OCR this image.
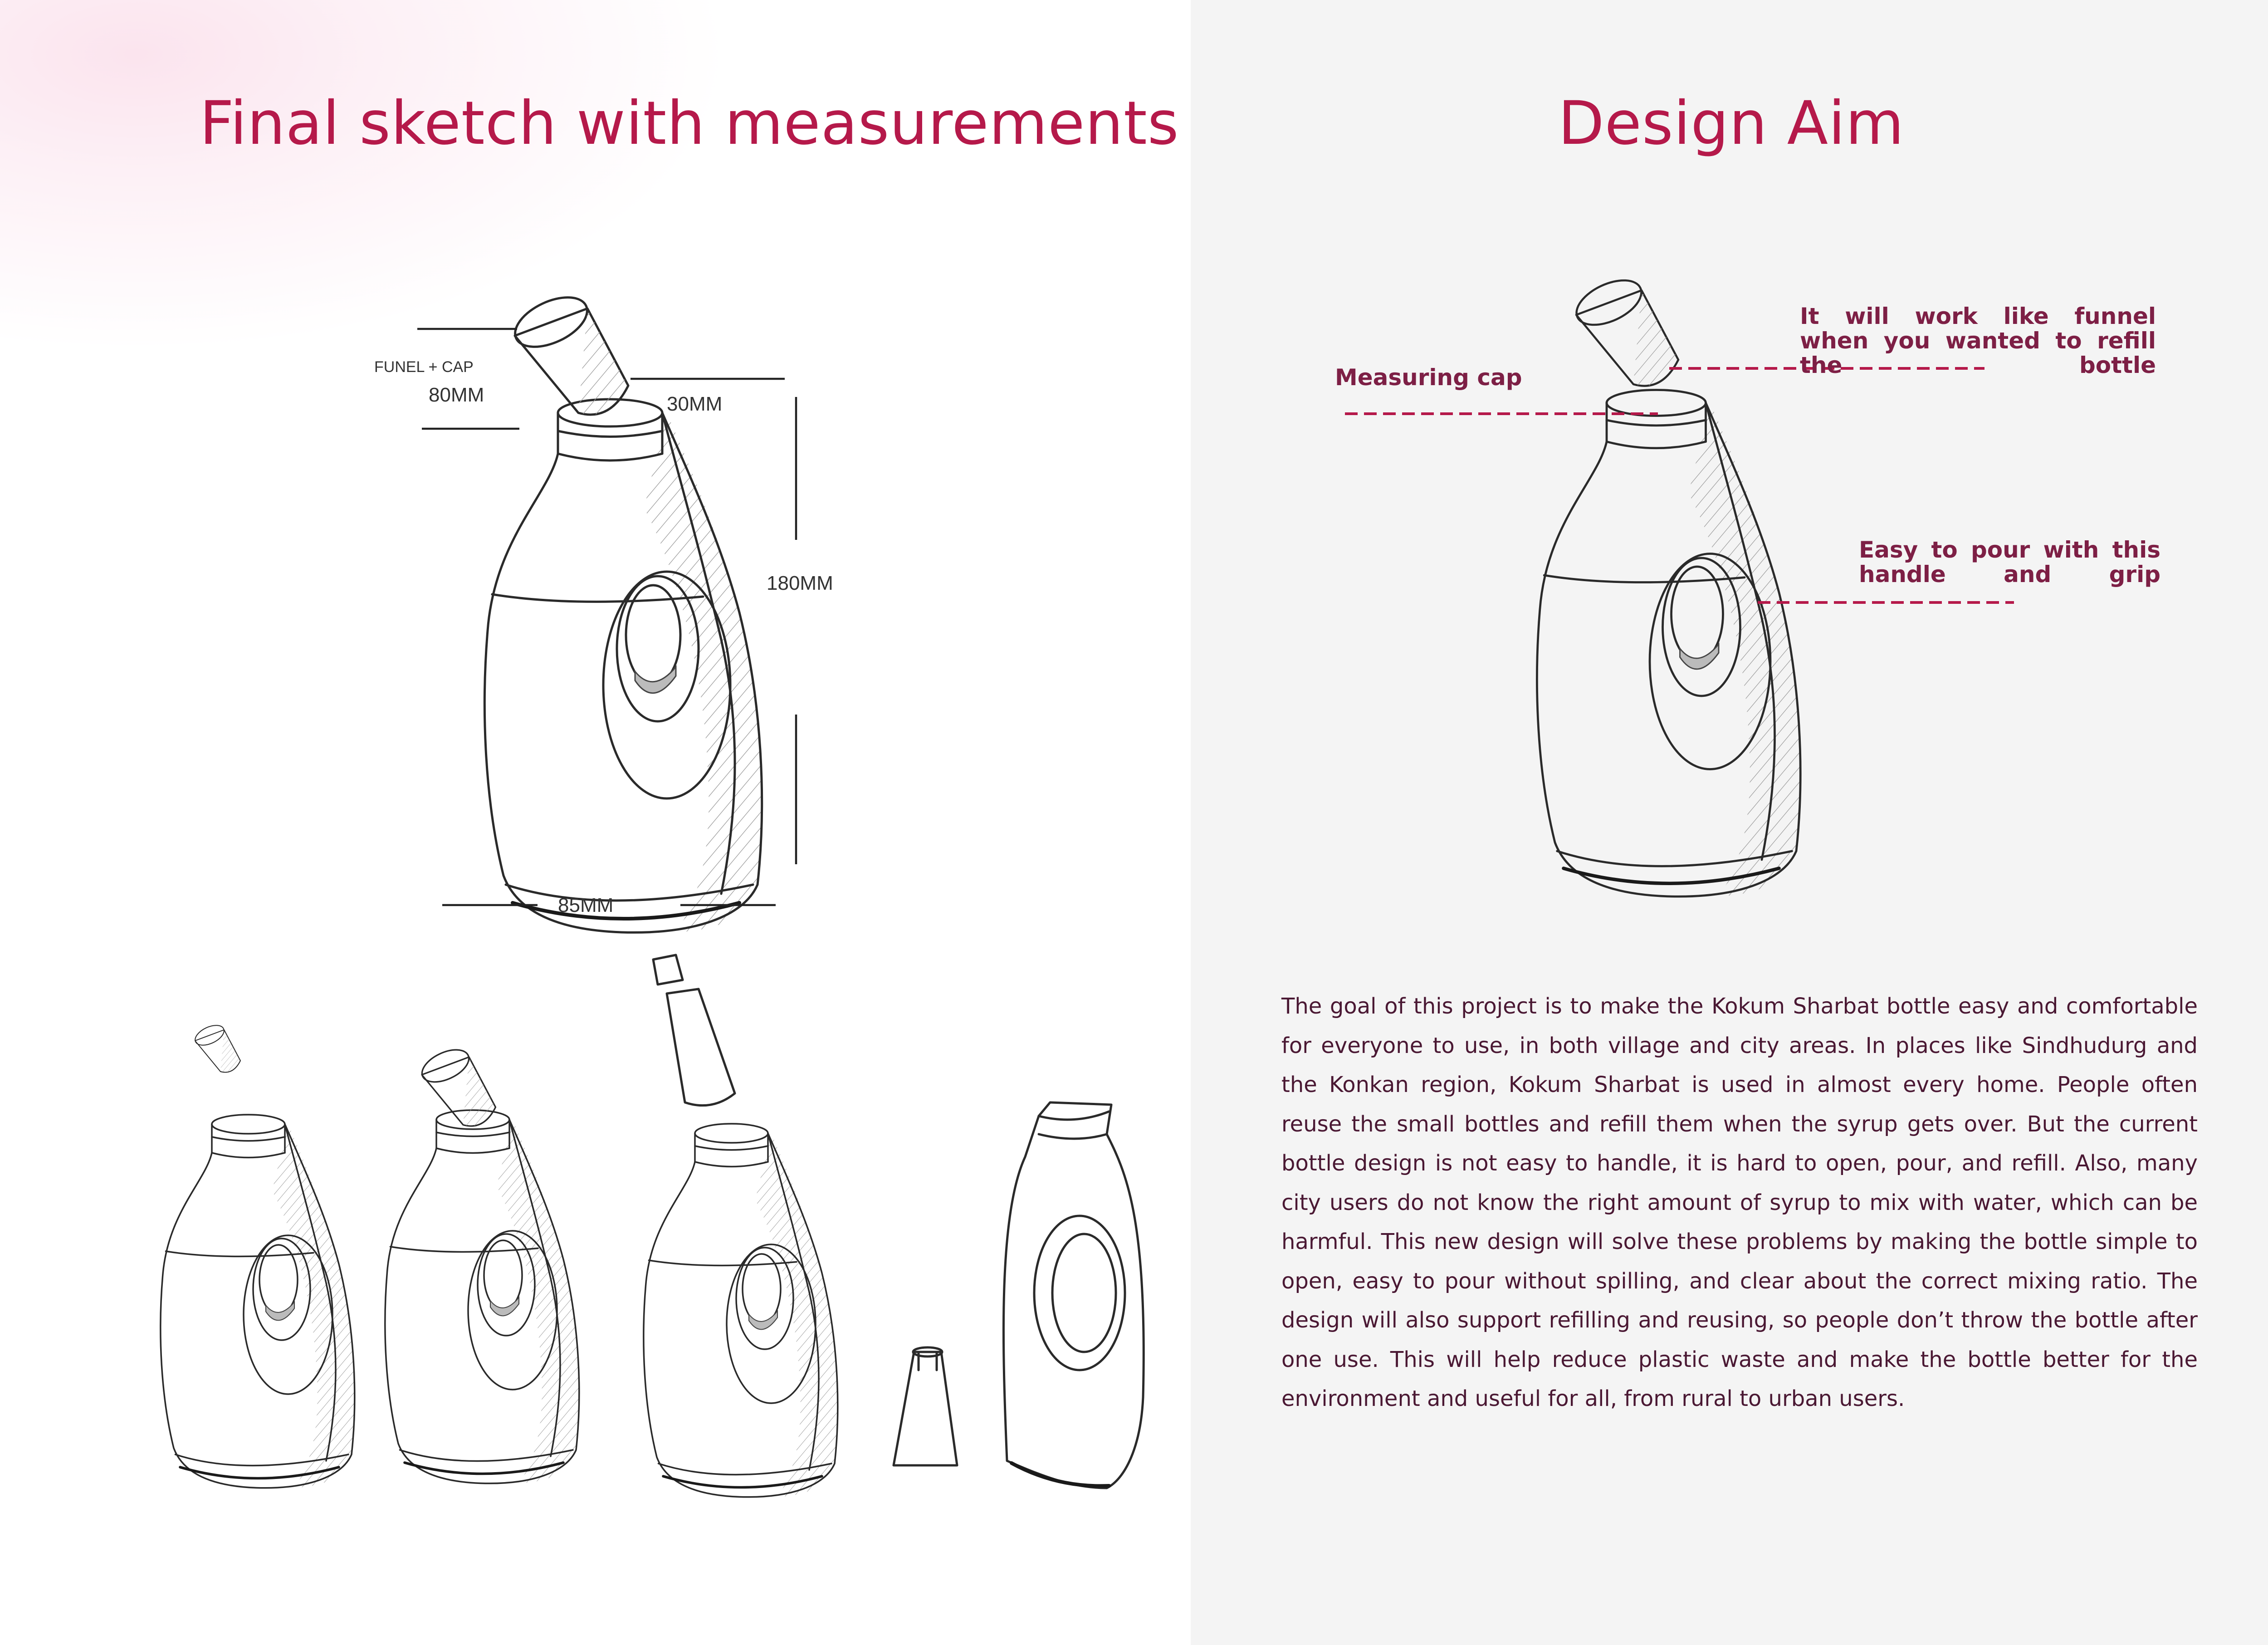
Final sketch with measurements	Design Aim
FUNEL + CAP
80MM	30MM
180MM
85MM
Measuring cap
It will work like funnel when you wanted to refill the bottle
Easy to pour with this handle and grip

The goal of this project is to make the Kokum Sharbat bottle easy and comfortable for everyone to use, in both village and city areas. In places like Sindhudurg and the Konkan region, Kokum Sharbat is used in almost every home. People often reuse the small bottles and refill them when the syrup gets over. But the current bottle design is not easy to handle, it is hard to open, pour, and refill. Also, many city users do not know the right amount of syrup to mix with water, which can be harmful. This new design will solve these problems by making the bottle simple to open, easy to pour without spilling, and clear about the correct mixing ratio. The design will also support refilling and reusing, so people don’t throw the bottle after one use. This will help reduce plastic waste and make the bottle better for the environment and useful for all, from rural to urban users.
